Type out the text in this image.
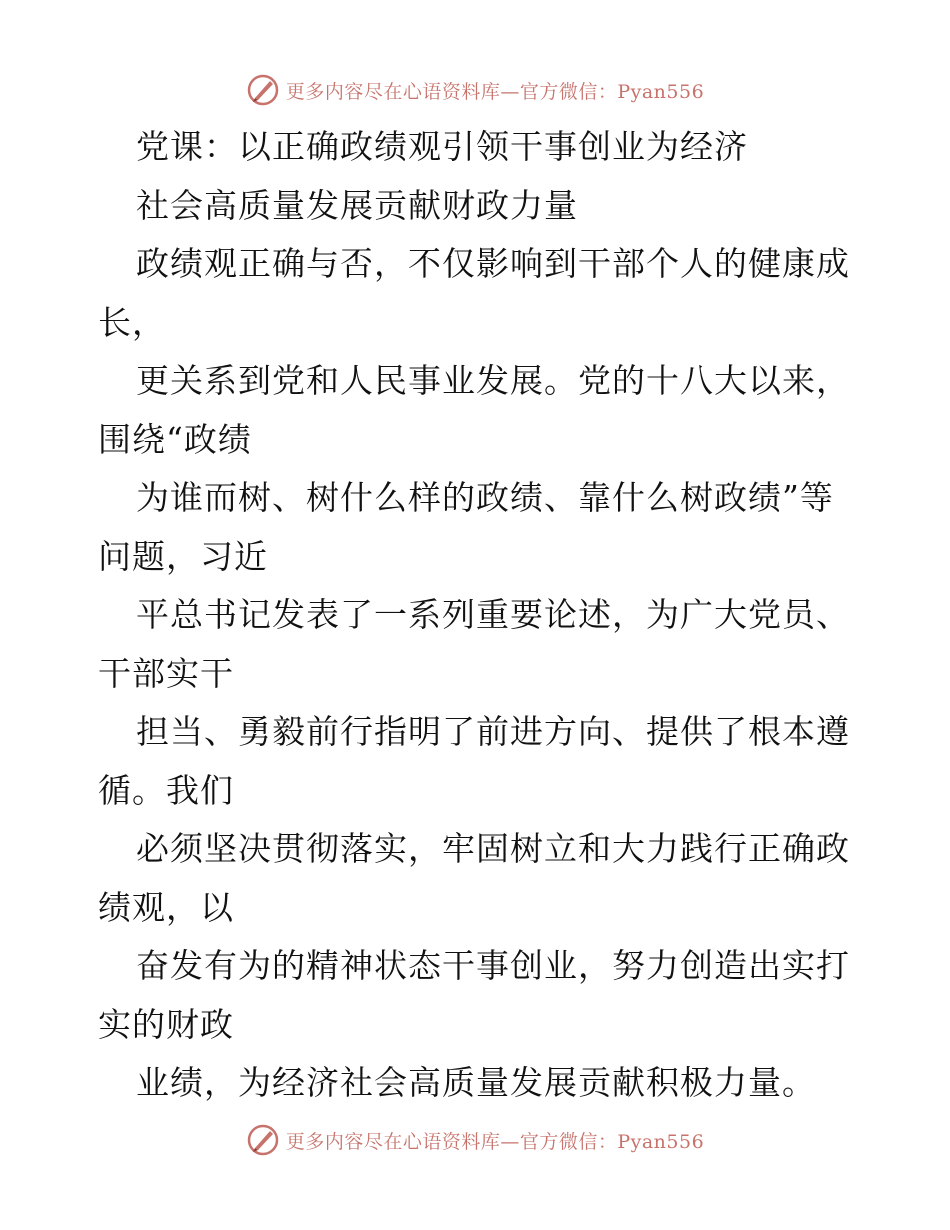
更多内容尽在心语资料库—官方微信：Pyan556
党课：以正确政绩观引领干事创业为经济
社会高质量发展贡献财政力量
政绩观正确与否，不仅影响到干部个人的健康成
长，
更关系到党和人民事业发展。党的十八大以来，
围绕“政绩
为谁而树、树什么样的政绩、靠什么树政绩”等
问题，习近
平总书记发表了一系列重要论述，为广大党员、
干部实干
担当、勇毅前行指明了前进方向、提供了根本遵
循。我们
必须坚决贯彻落实，牢固树立和大力践行正确政
绩观，以
奋发有为的精神状态干事创业，努力创造出实打
实的财政
业绩，为经济社会高质量发展贡献积极力量。
更多内容尽在心语资料库—官方微信：Pyan556
